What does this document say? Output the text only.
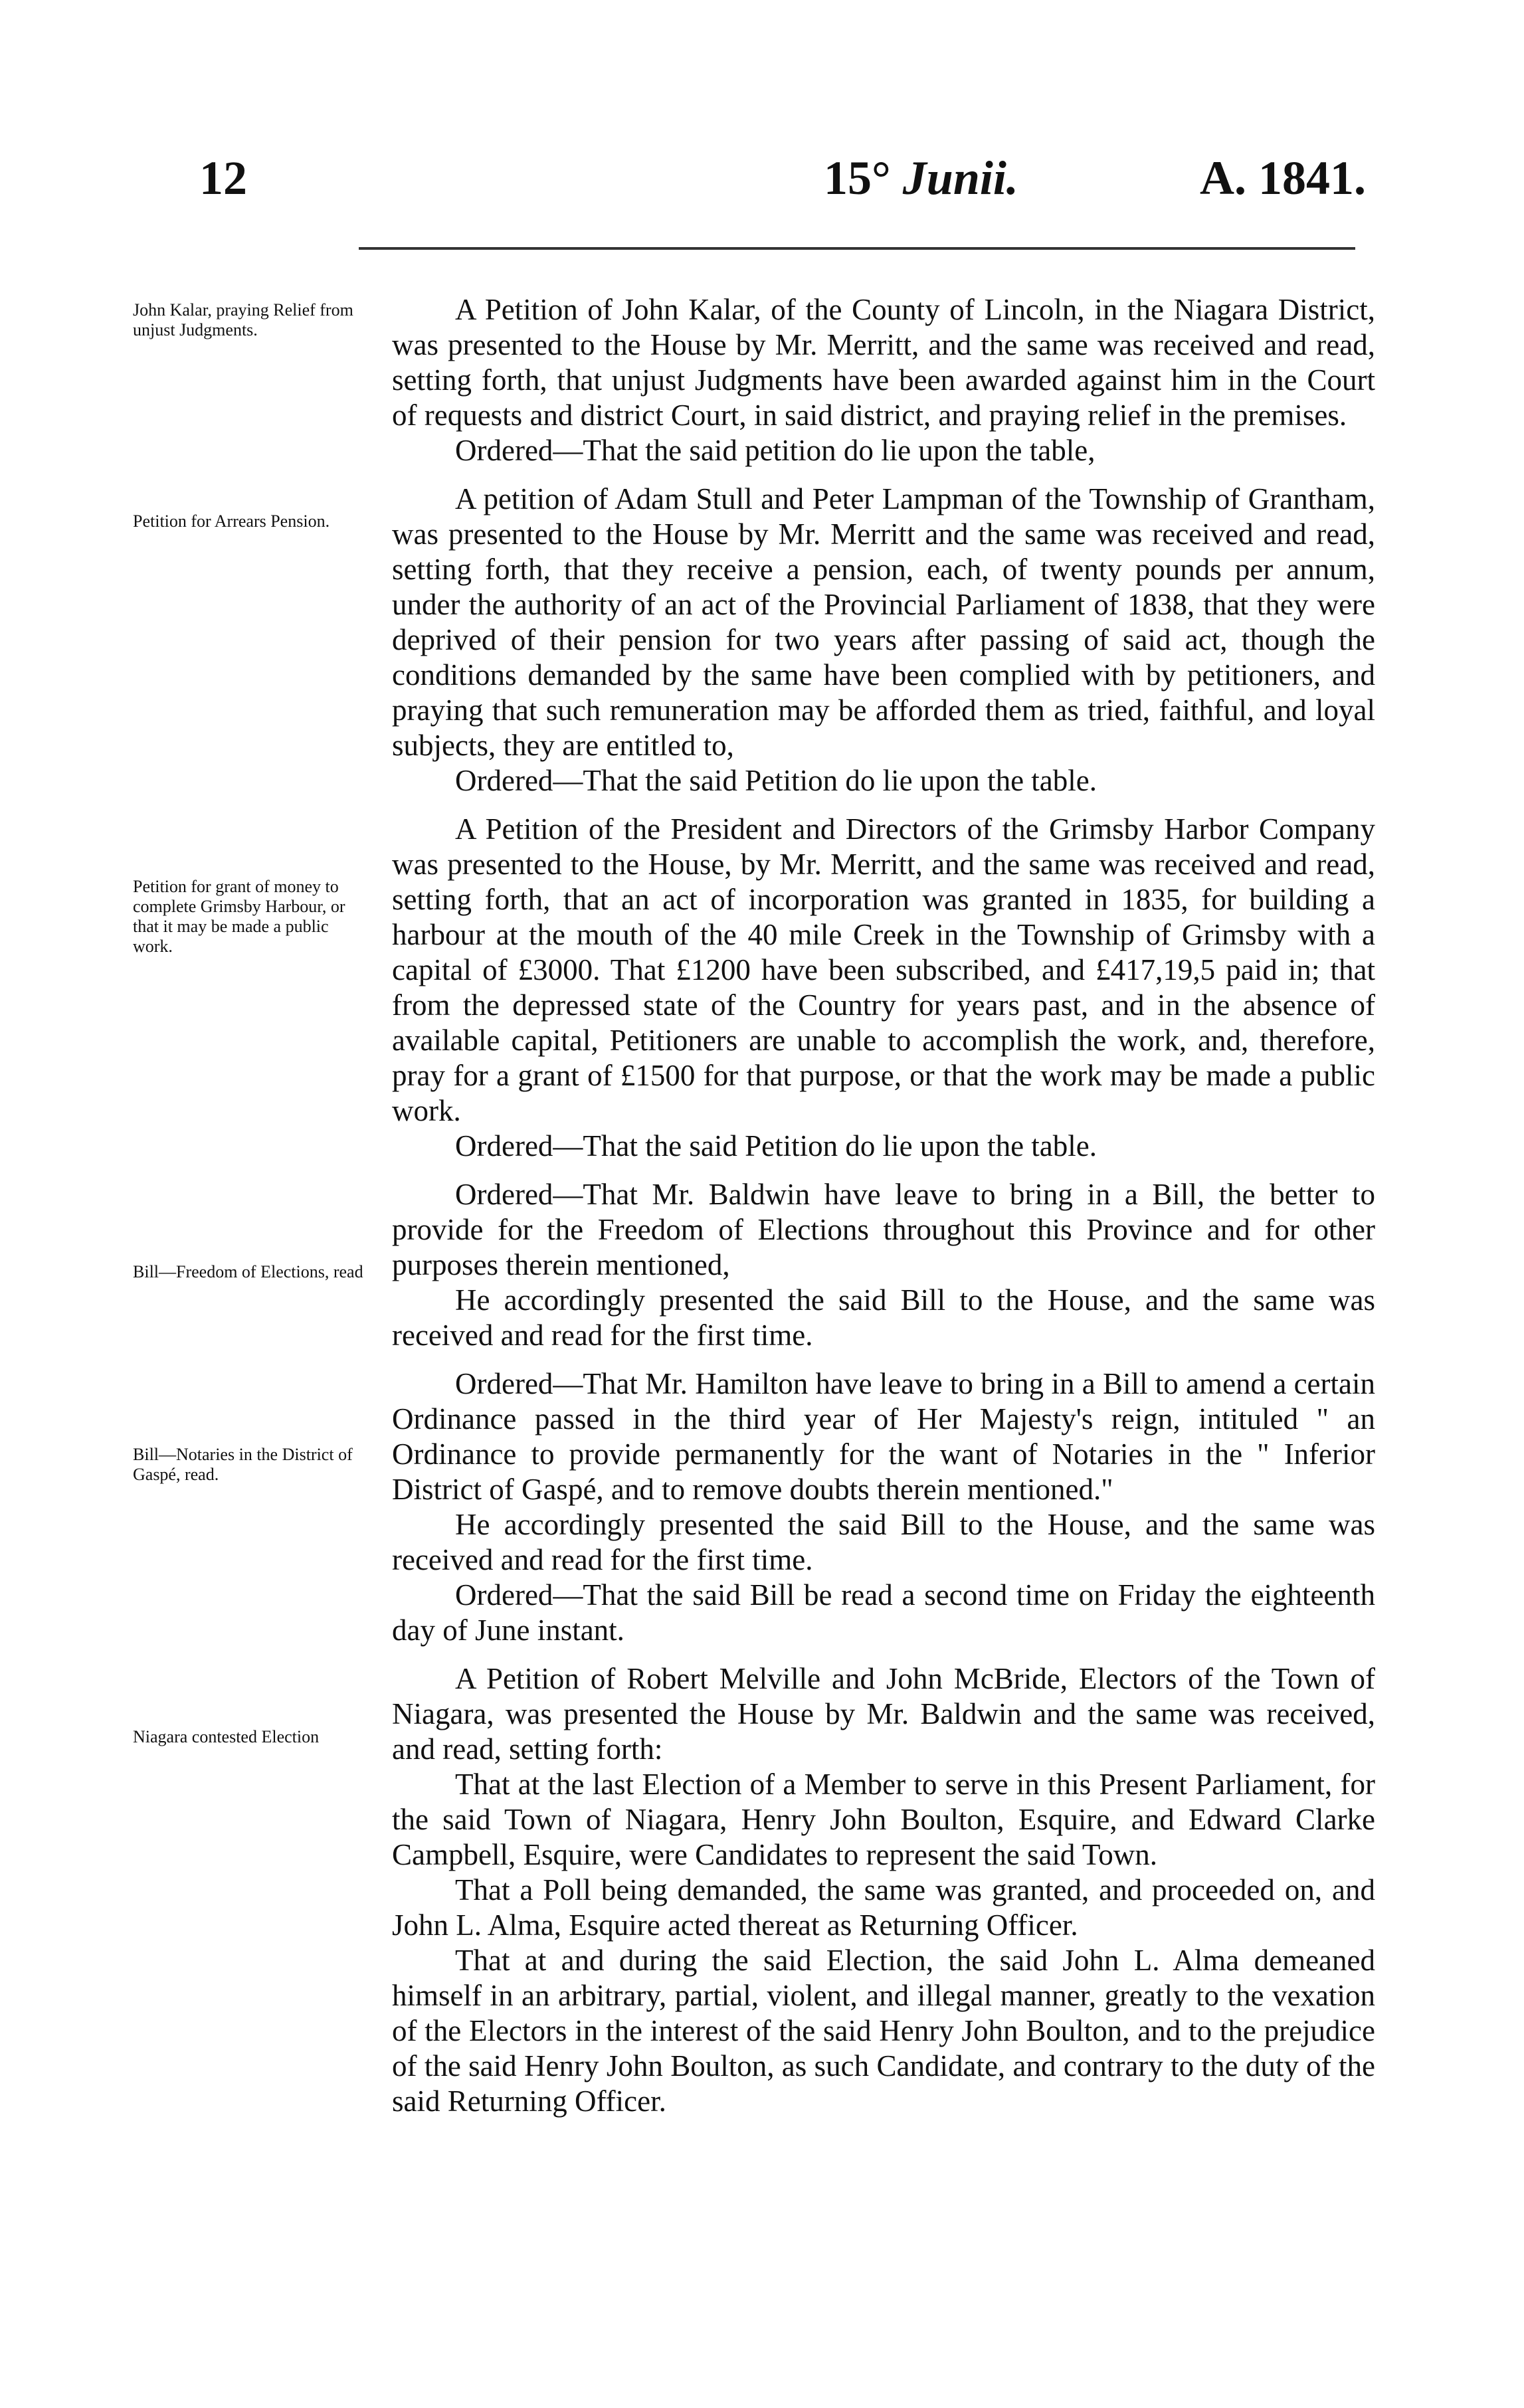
12	15° Junii.	A. 1841.
John Kalar, praying Relief from unjust Judgments.
Petition for Arrears Pension.
Petition for grant of money to complete Grimsby Harbour, or that it may be made a public work.
Bill—Freedom of Elections, read
Bill—Notaries in the District of Gaspé, read.
Niagara contested Election

A Petition of John Kalar, of the County of Lincoln, in the Niagara District, was presented to the House by Mr. Merritt, and the same was received and read, setting forth, that unjust Judgments have been awarded against him in the Court of requests and district Court, in said district, and praying relief in the premises.

Ordered—That the said petition do lie upon the table,

A petition of Adam Stull and Peter Lampman of the Township of Grantham, was presented to the House by Mr. Merritt and the same was received and read, setting forth, that they receive a pension, each, of twenty pounds per annum, under the authority of an act of the Provincial Parliament of 1838, that they were deprived of their pension for two years after passing of said act, though the conditions demanded by the same have been complied with by petitioners, and praying that such remuneration may be afforded them as tried, faithful, and loyal subjects, they are entitled to,

Ordered—That the said Petition do lie upon the table.

A Petition of the President and Directors of the Grimsby Harbor Company was presented to the House, by Mr. Merritt, and the same was received and read, setting forth, that an act of incorporation was granted in 1835, for building a harbour at the mouth of the 40 mile Creek in the Township of Grimsby with a capital of £3000. That £1200 have been subscribed, and £417,19,5 paid in; that from the depressed state of the Country for years past, and in the absence of available capital, Petitioners are unable to accomplish the work, and, therefore, pray for a grant of £1500 for that purpose, or that the work may be made a public work.

Ordered—That the said Petition do lie upon the table.

Ordered—That Mr. Baldwin have leave to bring in a Bill, the better to provide for the Freedom of Elections throughout this Province and for other purposes therein mentioned,

He accordingly presented the said Bill to the House, and the same was received and read for the first time.

Ordered—That Mr. Hamilton have leave to bring in a Bill to amend a certain Ordinance passed in the third year of Her Majesty's reign, intituled " an Ordinance to provide permanently for the want of Notaries in the " Inferior District of Gaspé, and to remove doubts therein mentioned."

He accordingly presented the said Bill to the House, and the same was received and read for the first time.

Ordered—That the said Bill be read a second time on Friday the eighteenth day of June instant.

A Petition of Robert Melville and John McBride, Electors of the Town of Niagara, was presented the House by Mr. Baldwin and the same was received, and read, setting forth:

That at the last Election of a Member to serve in this Present Parliament, for the said Town of Niagara, Henry John Boulton, Esquire, and Edward Clarke Campbell, Esquire, were Candidates to represent the said Town.

That a Poll being demanded, the same was granted, and proceeded on, and John L. Alma, Esquire acted thereat as Returning Officer.

That at and during the said Election, the said John L. Alma demeaned himself in an arbitrary, partial, violent, and illegal manner, greatly to the vexation of the Electors in the interest of the said Henry John Boulton, and to the prejudice of the said Henry John Boulton, as such Candidate, and contrary to the duty of the said Returning Officer.
